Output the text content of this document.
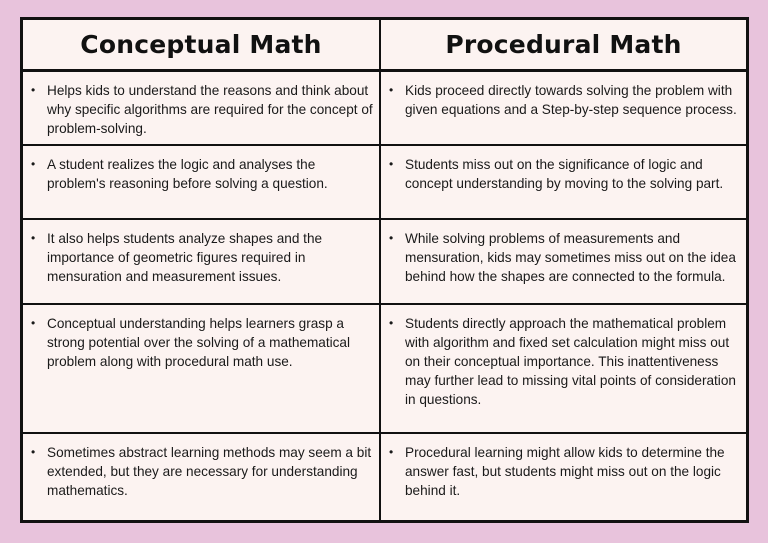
Conceptual Math	Procedural Math
• Helps kids to understand the reasons and think about why specific algorithms are required for the concept of problem-solving.
• Kids proceed directly towards solving the problem with given equations and a Step-by-step sequence process.
• A student realizes the logic and analyses the problem's reasoning before solving a question.
• Students miss out on the significance of logic and concept understanding by moving to the solving part.
• It also helps students analyze shapes and the importance of geometric figures required in mensuration and measurement issues.
• While solving problems of measurements and mensuration, kids may sometimes miss out on the idea behind how the shapes are connected to the formula.
• Conceptual understanding helps learners grasp a strong potential over the solving of a mathematical problem along with procedural math use.
• Students directly approach the mathematical problem with algorithm and fixed set calculation might miss out on their conceptual importance. This inattentiveness may further lead to missing vital points of consideration in questions.
• Sometimes abstract learning methods may seem a bit extended, but they are necessary for understanding mathematics.
• Procedural learning might allow kids to determine the answer fast, but students might miss out on the logic behind it.
